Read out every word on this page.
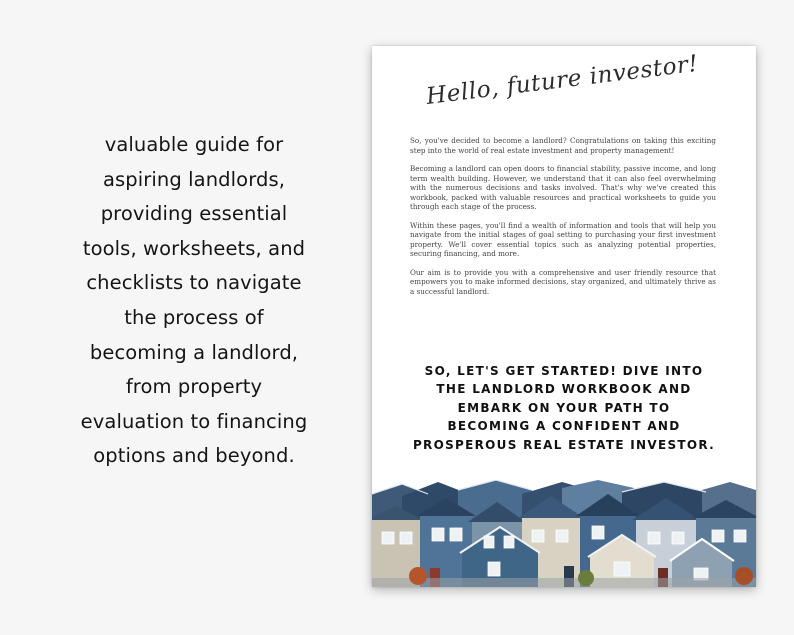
valuable guide for
aspiring landlords,
providing essential
tools, worksheets, and
checklists to navigate
the process of
becoming a landlord,
from property
evaluation to financing
options and beyond.
Hello, future investor!

So, you've decided to become a landlord? Congratulations on taking this exciting step into the world of real estate investment and property management!

Becoming a landlord can open doors to financial stability, passive income, and long term wealth building. However, we understand that it can also feel overwhelming with the numerous decisions and tasks involved. That's why we've created this workbook, packed with valuable resources and practical worksheets to guide you through each stage of the process.

Within these pages, you'll find a wealth of information and tools that will help you navigate from the initial stages of goal setting to purchasing your first investment property. We'll cover essential topics such as analyzing potential properties, securing financing, and more.

Our aim is to provide you with a comprehensive and user friendly resource that empowers you to make informed decisions, stay organized, and ultimately thrive as a successful landlord.

SO, LET'S GET STARTED! DIVE INTO
THE LANDLORD WORKBOOK AND
EMBARK ON YOUR PATH TO
BECOMING A CONFIDENT AND
PROSPEROUS REAL ESTATE INVESTOR.
